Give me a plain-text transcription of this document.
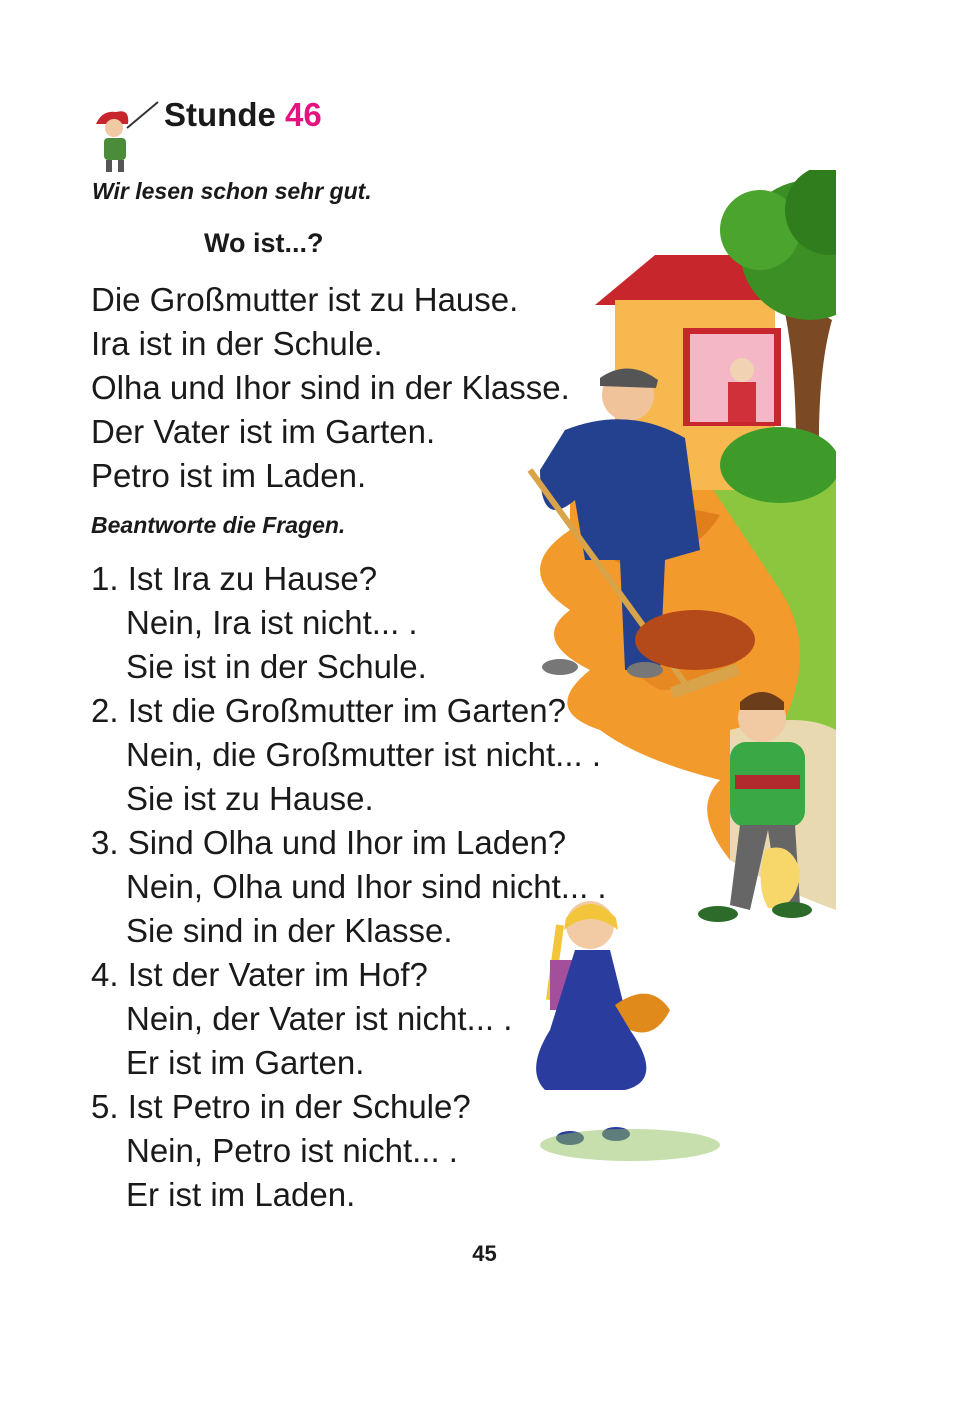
Stunde 46
Wir lesen schon sehr gut.
Wo ist...?
Die Großmutter ist zu Hause.
Ira ist in der Schule.
Olha und Ihor sind in der Klasse.
Der Vater ist im Garten.
Petro ist im Laden.
Beantworte die Fragen.
1. Ist Ira zu Hause?
Nein, Ira ist nicht... .
Sie ist in der Schule.
2. Ist die Großmutter im Garten?
Nein, die Großmutter ist nicht... .
Sie ist zu Hause.
3. Sind Olha und Ihor im Laden?
Nein, Olha und Ihor sind nicht... .
Sie sind in der Klasse.
4. Ist der Vater im Hof?
Nein, der Vater ist nicht... .
Er ist im Garten.
5. Ist Petro in der Schule?
Nein, Petro ist nicht... .
Er ist im Laden.
45
